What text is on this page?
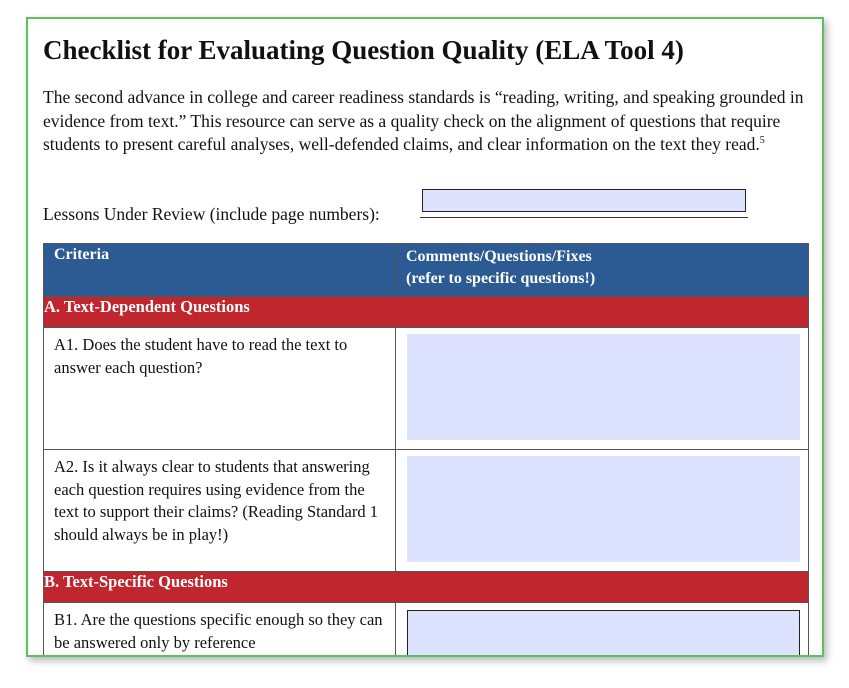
Checklist for Evaluating Question Quality (ELA Tool 4)

The second advance in college and career readiness standards is “reading, writing, and speaking grounded in evidence from text.” This resource can serve as a quality check on the alignment of questions that require students to present careful analyses, well-defended claims, and clear information on the text they read.$^5$

Lessons Under Review (include page numbers):
Criteria	Comments/Questions/Fixes
(refer to specific questions!)
A. Text-Dependent Questions	
A1. Does the student have to read the text to answer each question?	

A2. Is it always clear to students that answering each question requires using evidence from the text to support their claims? (Reading Standard 1 should always be in play!)	

B. Text-Specific Questions	
B1. Are the questions specific enough so they can be answered only by reference	
